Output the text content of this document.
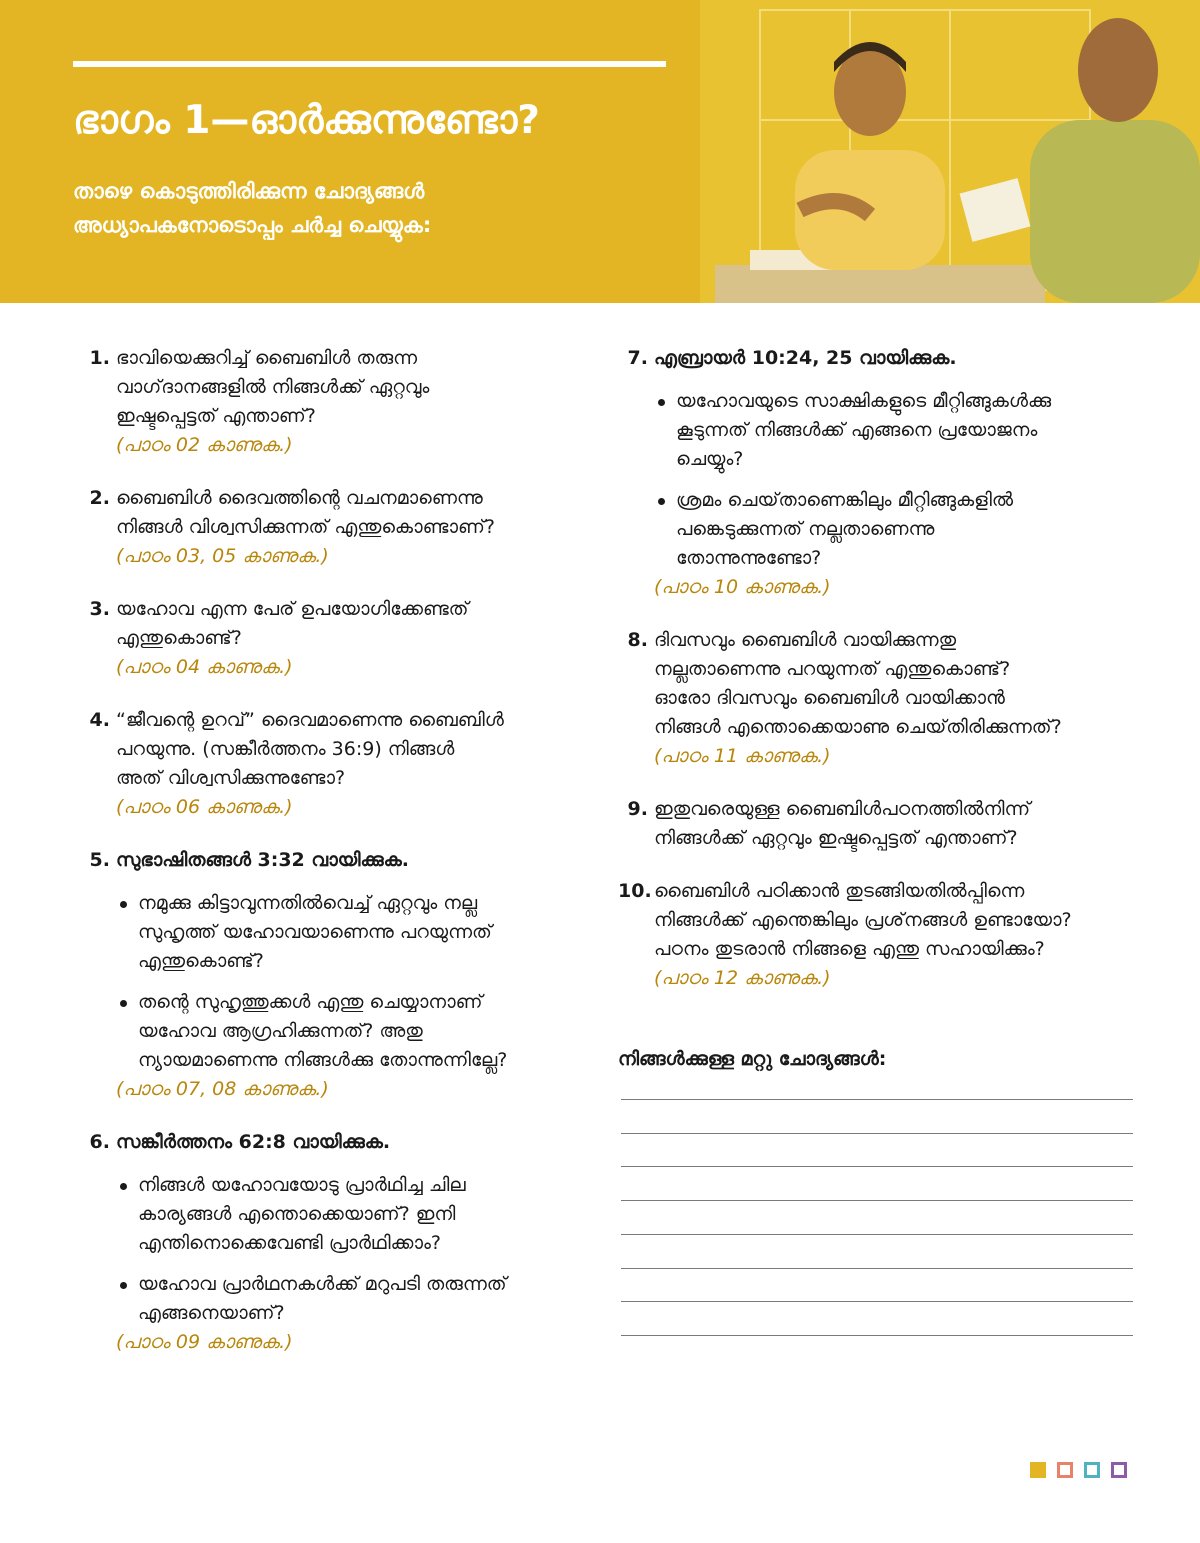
ഭാഗം 1—ഓർക്കുന്നുണ്ടോ?
താഴെ കൊടുത്തിരിക്കുന്ന ചോദ്യങ്ങൾ
അധ്യാപകനോടൊപ്പം ചർച്ച ചെയ്യുക:
1. ഭാവിയെക്കുറിച്ച് ബൈബിൾ തരുന്ന
വാഗ്‌ദാനങ്ങളിൽ നിങ്ങൾക്ക് ഏറ്റവും
ഇഷ്ടപ്പെട്ടത് എന്താണ്?
(പാഠം 02 കാണുക.)
2. ബൈബിൾ ദൈവത്തിന്റെ വചനമാണെന്നു
നിങ്ങൾ വിശ്വസിക്കുന്നത് എന്തുകൊണ്ടാണ്?
(പാഠം 03, 05 കാണുക.)
3. യഹോവ എന്ന പേര് ഉപയോഗിക്കേണ്ടത്
എന്തുകൊണ്ട്?
(പാഠം 04 കാണുക.)
4. “ജീവന്റെ ഉറവ്” ദൈവമാണെന്നു ബൈബിൾ
പറയുന്നു. (സങ്കീർത്തനം 36:9) നിങ്ങൾ
അത് വിശ്വസിക്കുന്നുണ്ടോ?
(പാഠം 06 കാണുക.)
5. സുഭാഷിതങ്ങൾ 3:32 വായിക്കുക.
നമുക്കു കിട്ടാവുന്നതിൽവെച്ച് ഏറ്റവും നല്ല
സുഹൃത്ത് യഹോവയാണെന്നു പറയുന്നത്
എന്തുകൊണ്ട്?
തന്റെ സുഹൃത്തുക്കൾ എന്തു ചെയ്യാനാണ്
യഹോവ ആഗ്രഹിക്കുന്നത്? അതു
ന്യായമാണെന്നു നിങ്ങൾക്കു തോന്നുന്നില്ലേ?
(പാഠം 07, 08 കാണുക.)
6. സങ്കീർത്തനം 62:8 വായിക്കുക.
നിങ്ങൾ യഹോവയോടു പ്രാർഥിച്ച ചില
കാര്യങ്ങൾ എന്തൊക്കെയാണ്? ഇനി
എന്തിനൊക്കെവേണ്ടി പ്രാർഥിക്കാം?
യഹോവ പ്രാർഥനകൾക്ക് മറുപടി തരുന്നത്
എങ്ങനെയാണ്?
(പാഠം 09 കാണുക.)
7. എബ്രായർ 10:24, 25 വായിക്കുക.
യഹോവയുടെ സാക്ഷികളുടെ മീറ്റിങ്ങുകൾക്കു
കൂടുന്നത് നിങ്ങൾക്ക് എങ്ങനെ പ്രയോജനം
ചെയ്യും?
ശ്രമം ചെയ്‌താണെങ്കിലും മീറ്റിങ്ങുകളിൽ
പങ്കെടുക്കുന്നത് നല്ലതാണെന്നു
തോന്നുന്നുണ്ടോ?
(പാഠം 10 കാണുക.)
8. ദിവസവും ബൈബിൾ വായിക്കുന്നതു
നല്ലതാണെന്നു പറയുന്നത് എന്തുകൊണ്ട്?
ഓരോ ദിവസവും ബൈബിൾ വായിക്കാൻ
നിങ്ങൾ എന്തൊക്കെയാണു ചെയ്‌തിരിക്കുന്നത്?
(പാഠം 11 കാണുക.)
9. ഇതുവരെയുള്ള ബൈബിൾപഠനത്തിൽനിന്ന്
നിങ്ങൾക്ക് ഏറ്റവും ഇഷ്ടപ്പെട്ടത് എന്താണ്?
10. ബൈബിൾ പഠിക്കാൻ തുടങ്ങിയതിൽപ്പിന്നെ
നിങ്ങൾക്ക് എന്തെങ്കിലും പ്രശ്‌നങ്ങൾ ഉണ്ടായോ?
പഠനം തുടരാൻ നിങ്ങളെ എന്തു സഹായിക്കും?
(പാഠം 12 കാണുക.)
നിങ്ങൾക്കുള്ള മറ്റു ചോദ്യങ്ങൾ:
